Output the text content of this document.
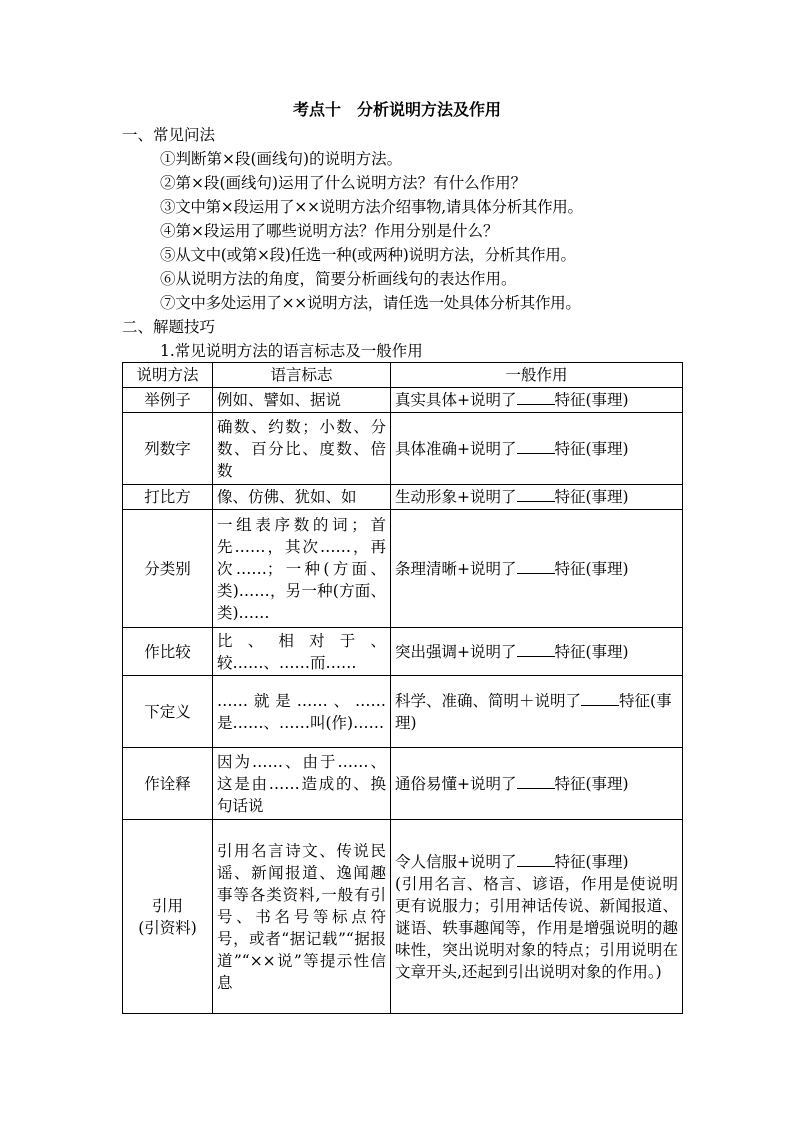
考点十　分析说明方法及作用
一、常见问法
①判断第×段(画线句)的说明方法。
②第×段(画线句)运用了什么说明方法？有什么作用？
③文中第×段运用了××说明方法介绍事物,请具体分析其作用。
④第×段运用了哪些说明方法？作用分别是什么？
⑤从文中(或第×段)任选一种(或两种)说明方法，分析其作用。
⑥从说明方法的角度，简要分析画线句的表达作用。
⑦文中多处运用了××说明方法，请任选一处具体分析其作用。
二、解题技巧
1.常见说明方法的语言标志及一般作用
说明方法	语言标志	一般作用
举例子	例如、譬如、据说	真实具体+说明了 特征(事理)
列数字	确数、约数；小数、分数、百分比、度数、倍数	具体准确+说明了 特征(事理)
打比方	像、仿佛、犹如、如	生动形象+说明了 特征(事理)
分类别	一组表序数的词；首先……，其次……，再次……；一种(方面、类)……，另一种(方面、类)……	条理清晰+说明了 特征(事理)
作比较	比、相对于、较……、……而……	突出强调+说明了 特征(事理)
下定义	……就是……、……是……、……叫(作)……	科学、准确、简明＋说明了 特征(事理)
作诠释	因为……、由于……、这是由……造成的、换句话说	通俗易懂+说明了 特征(事理)
引用
(引资料)	引用名言诗文、传说民谣、新闻报道、逸闻趣事等各类资料,一般有引号、书名号等标点符号，或者“据记载”“据报道”“××说”等提示性信息	令人信服+说明了 特征(事理)
(引用名言、格言、谚语，作用是使说明更有说服力；引用神话传说、新闻报道、谜语、轶事趣闻等，作用是增强说明的趣味性，突出说明对象的特点；引用说明在文章开头,还起到引出说明对象的作用。)
